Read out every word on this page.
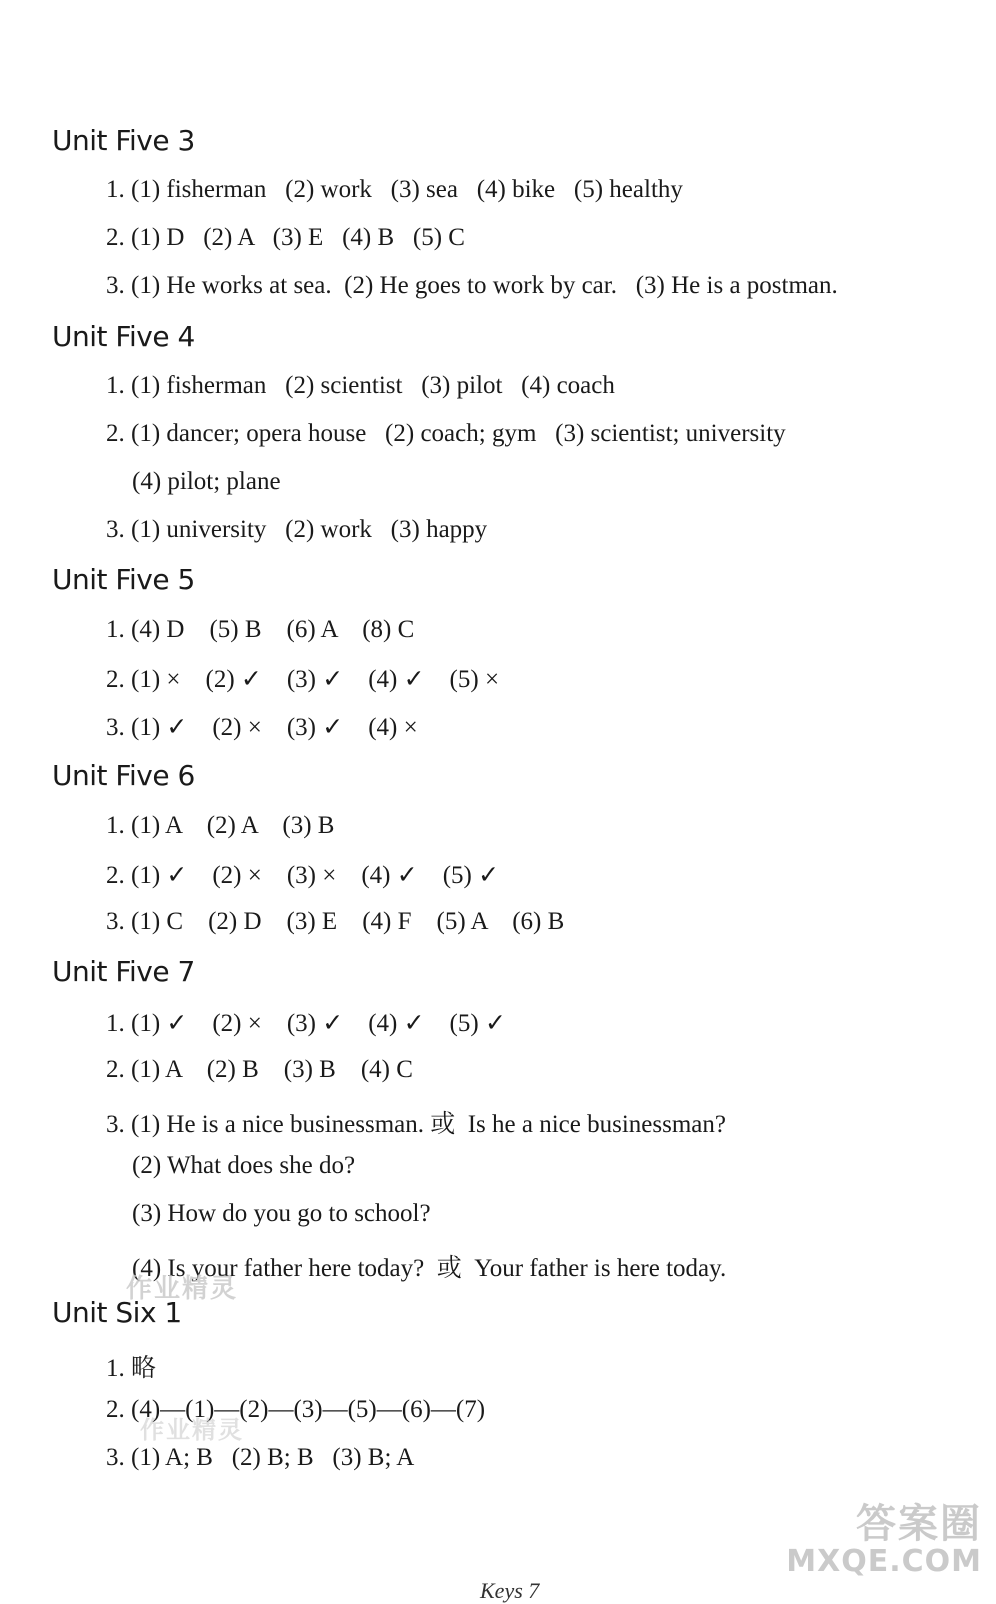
Unit Five 3
1. (1) fisherman   (2) work   (3) sea   (4) bike   (5) healthy
2. (1) D   (2) A   (3) E   (4) B   (5) C
3. (1) He works at sea.  (2) He goes to work by car.   (3) He is a postman.
Unit Five 4
1. (1) fisherman   (2) scientist   (3) pilot   (4) coach
2. (1) dancer; opera house   (2) coach; gym   (3) scientist; university
(4) pilot; plane
3. (1) university   (2) work   (3) happy
Unit Five 5
1. (4) D    (5) B    (6) A    (8) C
2. (1) ×    (2) ✓    (3) ✓    (4) ✓    (5) ×
3. (1) ✓    (2) ×    (3) ✓    (4) ×
Unit Five 6
1. (1) A    (2) A    (3) B
2. (1) ✓    (2) ×    (3) ×    (4) ✓    (5) ✓
3. (1) C    (2) D    (3) E    (4) F    (5) A    (6) B
Unit Five 7
1. (1) ✓    (2) ×    (3) ✓    (4) ✓    (5) ✓
2. (1) A    (2) B    (3) B    (4) C
3. (1) He is a nice businessman. 或  Is he a nice businessman?
(2) What does she do?
(3) How do you go to school?
(4) Is your father here today?  或  Your father is here today.
作业精灵
Unit Six 1
1. 略
2. (4)—(1)—(2)—(3)—(5)—(6)—(7)
3. (1) A; B   (2) B; B   (3) B; A
作业精灵
Keys 7
答案圈
MXQE.COM
